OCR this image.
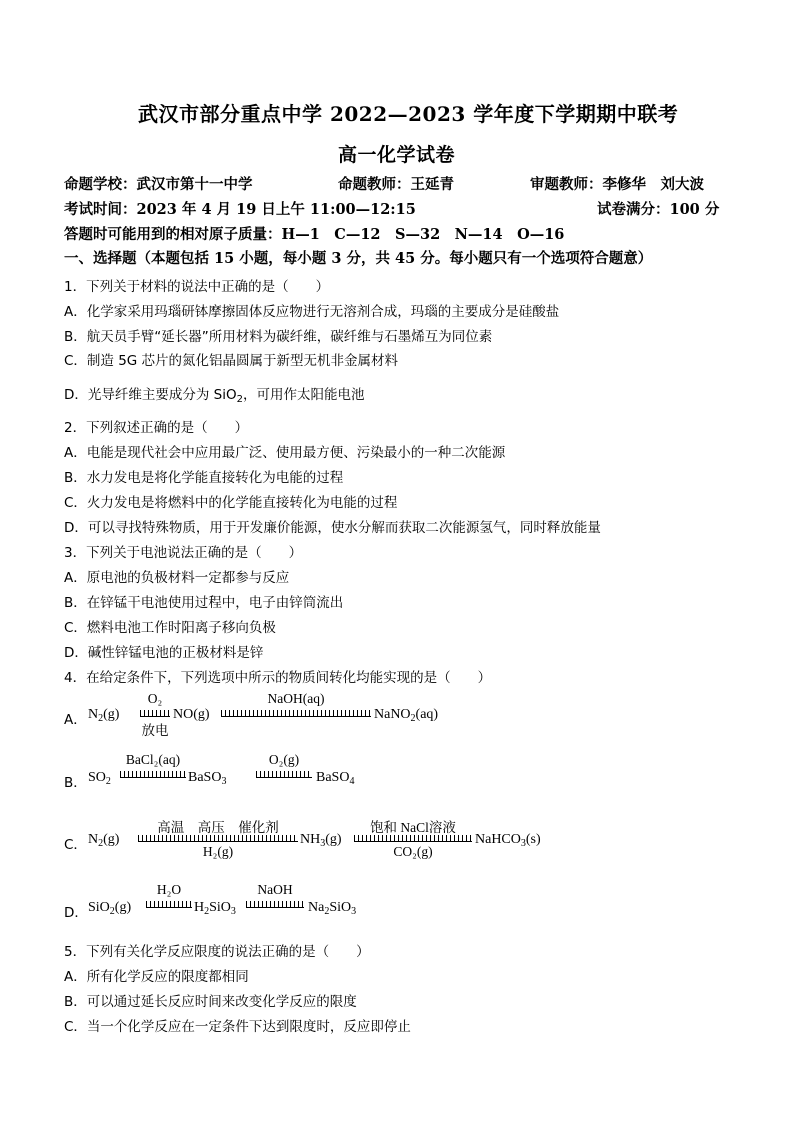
武汉市部分重点中学 2022—2023 学年度下学期期中联考
高一化学试卷
命题学校：武汉市第十一中学	命题教师：王延青	审题教师：李修华　刘大波
考试时间：2023 年 4 月 19 日上午 11:00—12:15	试卷满分：100 分
答题时可能用到的相对原子质量：H—1　C—12　S—32　N—14　O—16
一、选择题（本题包括 15 小题，每小题 3 分，共 45 分。每小题只有一个选项符合题意）
1．下列关于材料的说法中正确的是（　　）
A．化学家采用玛瑙研钵摩擦固体反应物进行无溶剂合成，玛瑙的主要成分是硅酸盐
B．航天员手臂“延长器”所用材料为碳纤维，碳纤维与石墨烯互为同位素
C．制造 5G 芯片的氮化铝晶圆属于新型无机非金属材料
D．光导纤维主要成分为 SiO$_2$，可用作太阳能电池
2．下列叙述正确的是（　　）
A．电能是现代社会中应用最广泛、使用最方便、污染最小的一种二次能源
B．水力发电是将化学能直接转化为电能的过程
C．火力发电是将燃料中的化学能直接转化为电能的过程
D．可以寻找特殊物质，用于开发廉价能源，使水分解而获取二次能源氢气，同时释放能量
3．下列关于电池说法正确的是（　　）
A．原电池的负极材料一定都参与反应
B．在锌锰干电池使用过程中，电子由锌筒流出
C．燃料电池工作时阳离子移向负极
D．碱性锌锰电池的正极材料是锌
4．在给定条件下，下列选项中所示的物质间转化均能实现的是（　　）
A． $N_2(g)$
O₂
放电
NO(g)
NaOH(aq)
NaNO$_2$(aq)
B． $SO_2$
BaCl₂(aq)
BaSO$_3$
O₂(g)
BaSO$_4$
C． $N_2(g)$
高温　高压　催化剂
H₂(g)
$NH_3(g)$
饱和 NaCl溶液
CO₂(g)
NaHCO$_3$(s)
D． SiO$_2$(g)
H₂O
$H_2SiO_3$
NaOH
$Na_2SiO_3$
5．下列有关化学反应限度的说法正确的是（　　）
A．所有化学反应的限度都相同
B．可以通过延长反应时间来改变化学反应的限度
C．当一个化学反应在一定条件下达到限度时，反应即停止
